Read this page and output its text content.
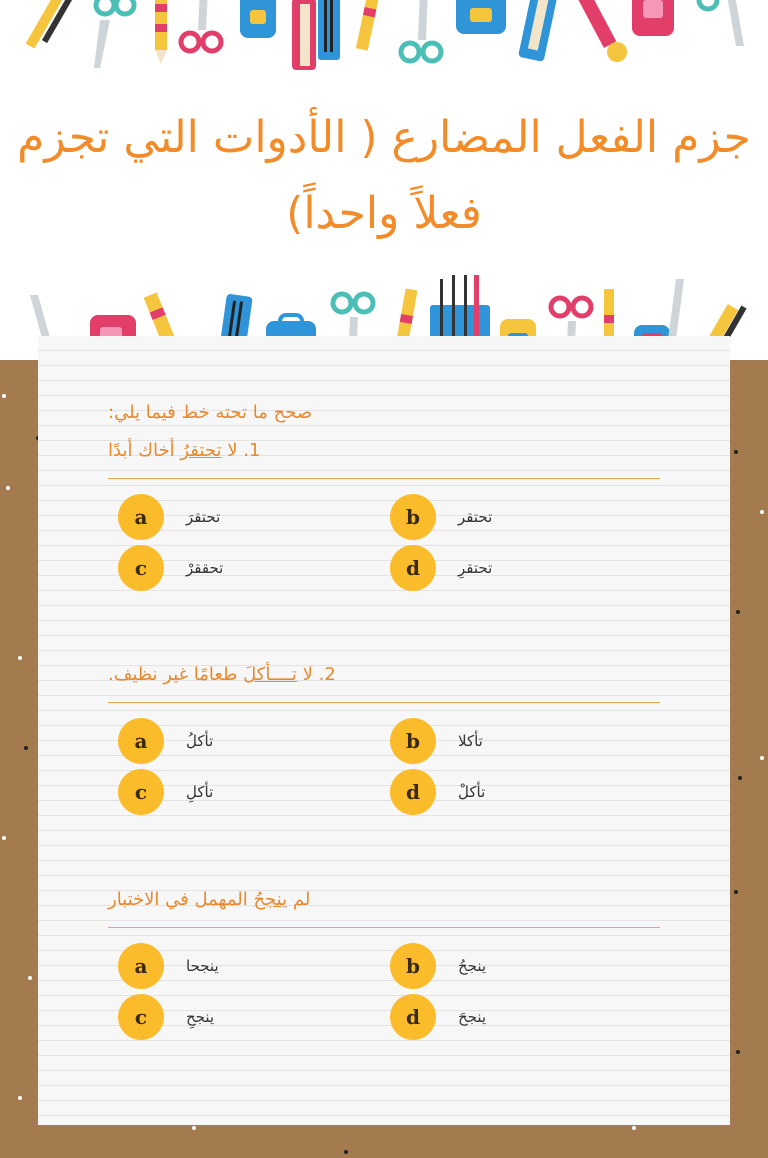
جزم الفعل المضارع ( الأدوات التي تجزم فعلاً واحداً)
صحح ما تحته خط فيما يلي:
1. لا تحتقرُ أخاك أبدًا
a	تحتقرَ	b	تحتقر
c	تحققرْ	d	تحتقرِ
2. لا تــــأكلَ طعامًا غير نظيف.
a	تأكلُ	b	تأكلا
c	تأكلِ	d	تأكلْ
لم ينجحُ المهمل في الاختبار
a	ينجحا	b	ينجحُ
c	ينجحِ	d	ينجحَ
